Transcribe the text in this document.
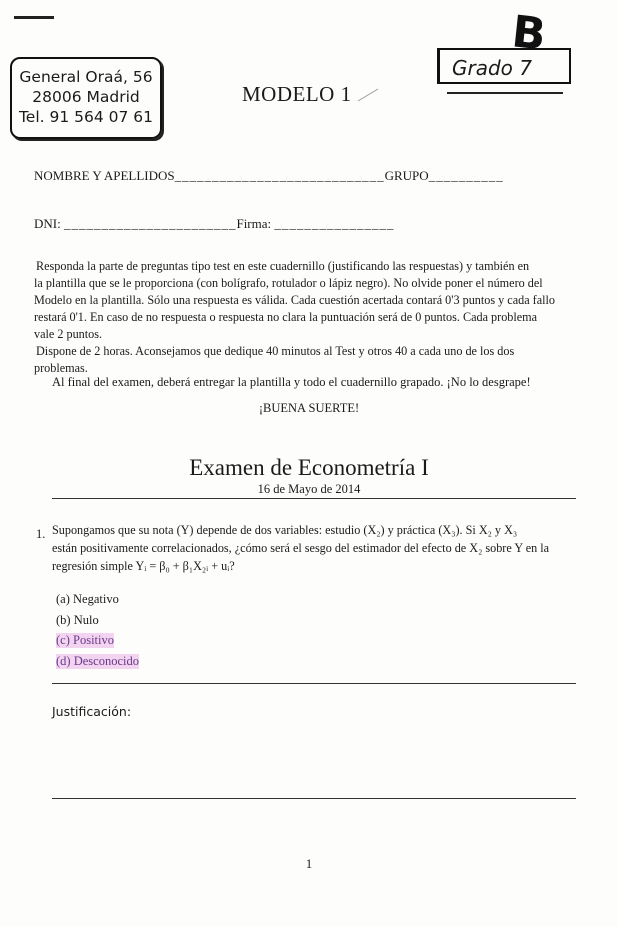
General Oraá, 56
28006 Madrid
Tel. 91 564 07 61
MODELO 1
B
Grado 7
NOMBRE Y APELLIDOS____________________________GRUPO__________
DNI: _______________________Firma: ________________
Responda la parte de preguntas tipo test en este cuadernillo (justificando las respuestas) y también en
la plantilla que se le proporciona (con bolígrafo, rotulador o lápiz negro). No olvide poner el número del
Modelo en la plantilla. Sólo una respuesta es válida. Cada cuestión acertada contará 0'3 puntos y cada fallo
restará 0'1. En caso de no respuesta o respuesta no clara la puntuación será de 0 puntos. Cada problema
vale 2 puntos.
Dispone de 2 horas. Aconsejamos que dedique 40 minutos al Test y otros 40 a cada uno de los dos
problemas.
Al final del examen, deberá entregar la plantilla y todo el cuadernillo grapado. ¡No lo desgrape!
¡BUENA SUERTE!
Examen de Econometría I
16 de Mayo de 2014
1. Supongamos que su nota (Y) depende de dos variables: estudio (X₂) y práctica (X₃). Si X₂ y X₃
están positivamente correlacionados, ¿cómo será el sesgo del estimador del efecto de X₂ sobre Y en la
regresión simple Yᵢ = β₀ + β₁X₂ᵢ + uᵢ?
(a) Negativo
(b) Nulo
(c) Positivo
(d) Desconocido
Justificación:
1
